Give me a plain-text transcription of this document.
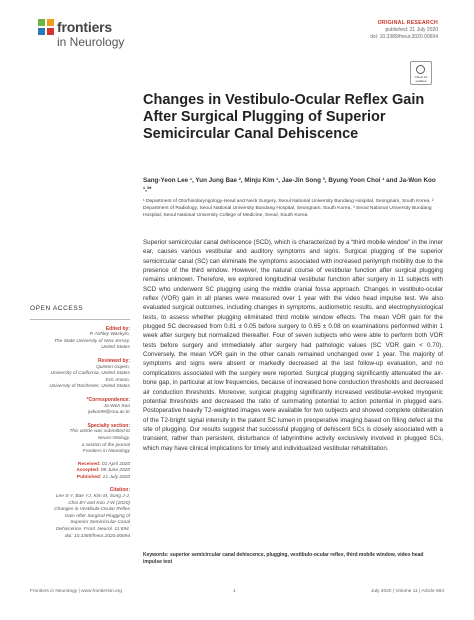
frontiers
in Neurology
ORIGINAL RESEARCH
published: 21 July 2020
doi: 10.3389/fneur.2020.00694
Check for updates
Changes in Vestibulo-Ocular Reflex Gain After Surgical Plugging of Superior Semicircular Canal Dehiscence
Sang-Yeon Lee ¹, Yun Jung Bae ², Minju Kim ¹, Jae-Jin Song ³, Byung Yoon Choi ¹ and Ja-Won Koo ¹,³*
¹ Department of Otorhinolaryngology-Head and Neck Surgery, Seoul National University Bundang Hospital, Seongnam, South Korea, ² Department of Radiology, Seoul National University Bundang Hospital, Seongnam, South Korea, ³ Seoul National University Bundang Hospital, Seoul National University College of Medicine, Seoul, South Korea
Superior semicircular canal dehiscence (SCD), which is characterized by a “third mobile window” in the inner ear, causes various vestibular and auditory symptoms and signs. Surgical plugging of the superior semicircular canal (SC) can eliminate the symptoms associated with increased perilymph mobility due to the presence of the third window. However, the natural course of vestibular function after surgical plugging remains unknown. Therefore, we explored longitudinal vestibular function after surgery in 11 subjects with SCD who underwent SC plugging using the middle cranial fossa approach. Changes in vestibulo-ocular reflex (VOR) gain in all planes were measured over 1 year with the video head impulse test. We also evaluated surgical outcomes, including changes in symptoms, audiometric results, and electrophysiological tests, to assess whether plugging eliminated third mobile window effects. The mean VOR gain for the plugged SC decreased from 0.81 ± 0.05 before surgery to 0.65 ± 0.08 on examinations performed within 1 week after surgery but normalized thereafter. Four of seven subjects who were able to perform both VOR tests before surgery and immediately after surgery had pathologic values (SC VOR gain < 0.70). Conversely, the mean VOR gain in the other canals remained unchanged over 1 year. The majority of symptoms and signs were absent or markedly decreased at the last follow-up evaluation, and no complications associated with the surgery were reported. Surgical plugging significantly attenuated the air-bone gap, in particular at low frequencies, because of increased bone conduction thresholds and decreased air conduction thresholds. Moreover, surgical plugging significantly increased vestibular-evoked myogenic potential thresholds and decreased the ratio of summating potential to action potential in plugged ears. Postoperative heavily T2-weighted images were available for two subjects and showed complete obliteration of the T2-bright signal intensity in the patent SC lumen in preoperative imaging based on filling defect at the site of plugging. Our results suggest that successful plugging of dehiscent SCs is closely associated with a transient, rather than persistent, disturbance of labyrinthine activity exclusively involved in plugged SCs, which may have clinical implications for timely and individualized vestibular rehabilitation.
Keywords: superior semicircular canal dehiscence, plugging, vestibulo-ocular reflex, third mobile window, video head impulse test
OPEN ACCESS
Edited by:
P. Ashley Wackym,
The State University of New Jersey,
United States
Reviewed by:
Quinton Gopen,
University of California, United States
Eric Anson,
University of Rochester, United States
*Correspondence:
Ja-Won Koo
jwkoo99@snu.ac.kr
Specialty section:
This article was submitted to
Neuro-Otology,
a section of the journal
Frontiers in Neurology
Received: 01 April 2020
Accepted: 08 June 2020
Published: 21 July 2020
Citation:
Lee S-Y, Bae YJ, Kim M, Song J-J,
Choi BY and Koo J-W (2020)
Changes in Vestibulo-Ocular Reflex
Gain After Surgical Plugging of
Superior Semicircular Canal
Dehiscence. Front. Neurol. 11:694.
doi: 10.3389/fneur.2020.00694
Frontiers in Neurology | www.frontiersin.org	1	July 2020 | Volume 11 | Article 694
